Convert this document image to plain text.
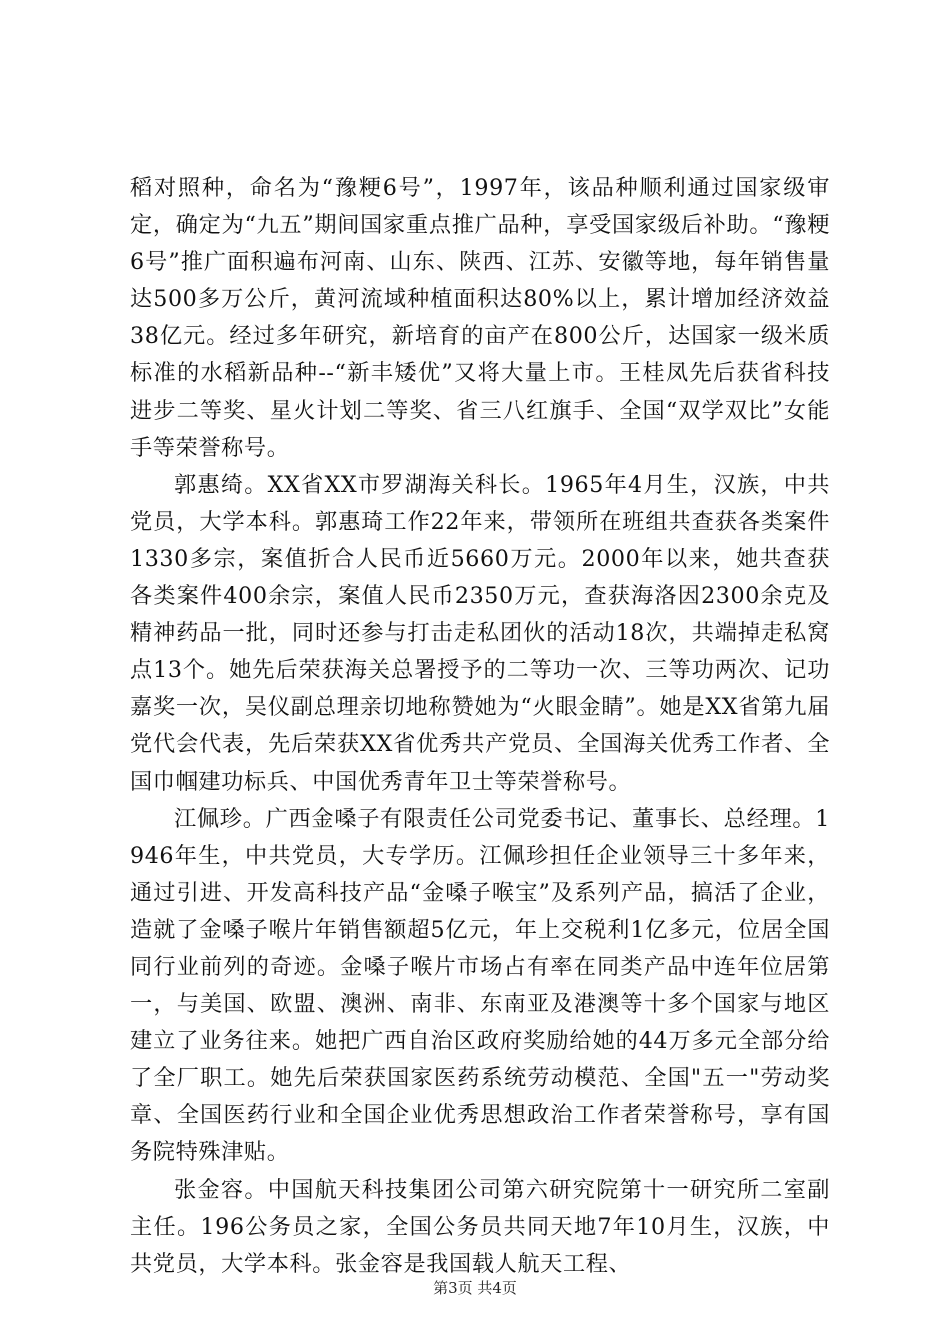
稻对照种，命名为“豫粳6号”，1997年，该品种顺利通过国家级审定，确定为“九五”期间国家重点推广品种，享受国家级后补助。“豫粳6号”推广面积遍布河南、山东、陕西、江苏、安徽等地，每年销售量达500多万公斤，黄河流域种植面积达80%以上，累计增加经济效益38亿元。经过多年研究，新培育的亩产在800公斤，达国家一级米质标准的水稻新品种--“新丰矮优”又将大量上市。王桂凤先后获省科技进步二等奖、星火计划二等奖、省三八红旗手、全国“双学双比”女能手等荣誉称号。

郭惠绮。XX省XX市罗湖海关科长。1965年4月生，汉族，中共党员，大学本科。郭惠琦工作22年来，带领所在班组共查获各类案件1330多宗，案值折合人民币近5660万元。2000年以来，她共查获各类案件400余宗，案值人民币2350万元，查获海洛因2300余克及精神药品一批，同时还参与打击走私团伙的活动18次，共端掉走私窝点13个。她先后荣获海关总署授予的二等功一次、三等功两次、记功嘉奖一次，吴仪副总理亲切地称赞她为“火眼金睛”。她是XX省第九届党代会代表，先后荣获XX省优秀共产党员、全国海关优秀工作者、全国巾帼建功标兵、中国优秀青年卫士等荣誉称号。

江佩珍。广西金嗓子有限责任公司党委书记、董事长、总经理。1946年生，中共党员，大专学历。江佩珍担任企业领导三十多年来，通过引进、开发高科技产品“金嗓子喉宝”及系列产品，搞活了企业，造就了金嗓子喉片年销售额超5亿元，年上交税利1亿多元，位居全国同行业前列的奇迹。金嗓子喉片市场占有率在同类产品中连年位居第一，与美国、欧盟、澳洲、南非、东南亚及港澳等十多个国家与地区建立了业务往来。她把广西自治区政府奖励给她的44万多元全部分给了全厂职工。她先后荣获国家医药系统劳动模范、全国"五一"劳动奖章、全国医药行业和全国企业优秀思想政治工作者荣誉称号，享有国务院特殊津贴。

张金容。中国航天科技集团公司第六研究院第十一研究所二室副主任。196公务员之家，全国公务员共同天地7年10月生，汉族，中共党员，大学本科。张金容是我国载人航天工程、

第3页 共4页
